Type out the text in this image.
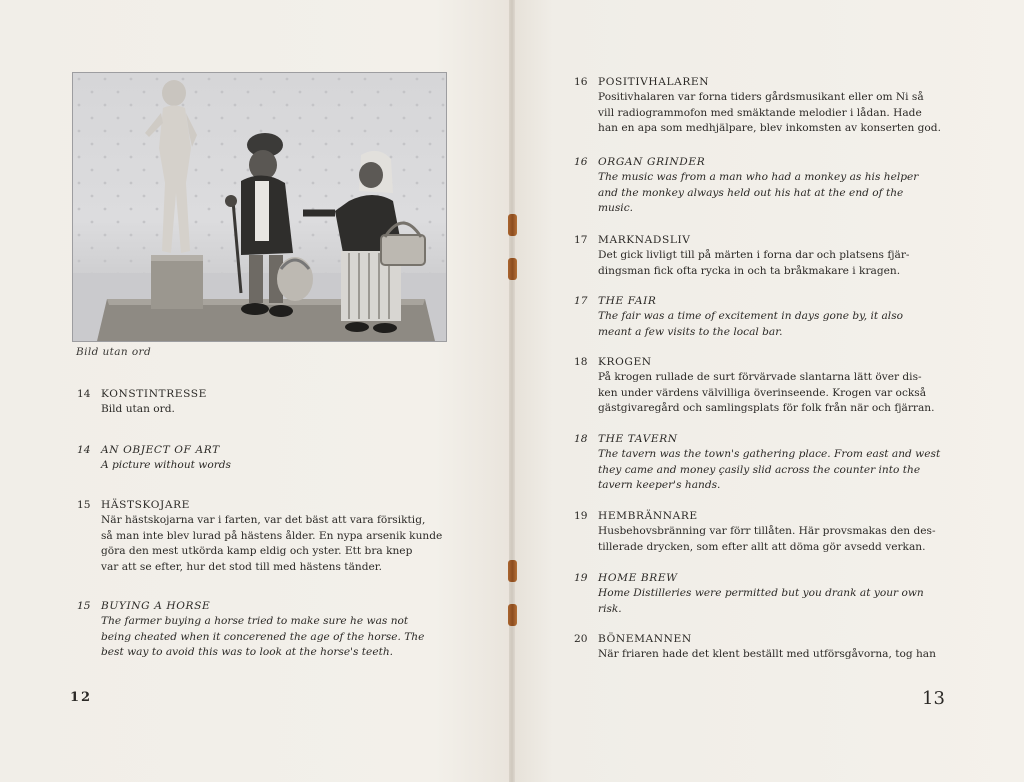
Bild utan ord
14 KONSTINTRESSE
Bild utan ord.
14 AN OBJECT OF ART
A picture without words
15 HÄSTSKOJARE
När hästskojarna var i farten, var det bäst att vara försiktig,
så man inte blev lurad på hästens ålder. En nypa arsenik kunde
göra den mest utkörda kamp eldig och yster. Ett bra knep
var att se efter, hur det stod till med hästens tänder.
15 BUYING A HORSE
The farmer buying a horse tried to make sure he was not
being cheated when it concerened the age of the horse. The
best way to avoid this was to look at the horse's teeth.
12
16 POSITIVHALAREN
Positivhalaren var forna tiders gårdsmusikant eller om Ni så
vill radiogrammofon med smäktande melodier i lådan. Hade
han en apa som medhjälpare, blev inkomsten av konserten god.
16 ORGAN GRINDER
The music was from a man who had a monkey as his helper
and the monkey always held out his hat at the end of the
music.
17 MARKNADSLIV
Det gick livligt till på märten i forna dar och platsens fjär-
dingsman fick ofta rycka in och ta bråkmakare i kragen.
17 THE FAIR
The fair was a time of excitement in days gone by, it also
meant a few visits to the local bar.
18 KROGEN
På krogen rullade de surt förvärvade slantarna lätt över dis-
ken under värdens välvilliga överinseende. Krogen var också
gästgivaregård och samlingsplats för folk från när och fjärran.
18 THE TAVERN
The tavern was the town's gathering place. From east and west
they came and money çasily slid across the counter into the
tavern keeper's hands.
19 HEMBRÄNNARE
Husbehovsbränning var förr tillåten. Här provsmakas den des-
tillerade drycken, som efter allt att döma gör avsedd verkan.
19 HOME BREW
Home Distilleries were permitted but you drank at your own
risk.
20 BÖNEMANNEN
När friaren hade det klent beställt med utförsgåvorna, tog han
13
